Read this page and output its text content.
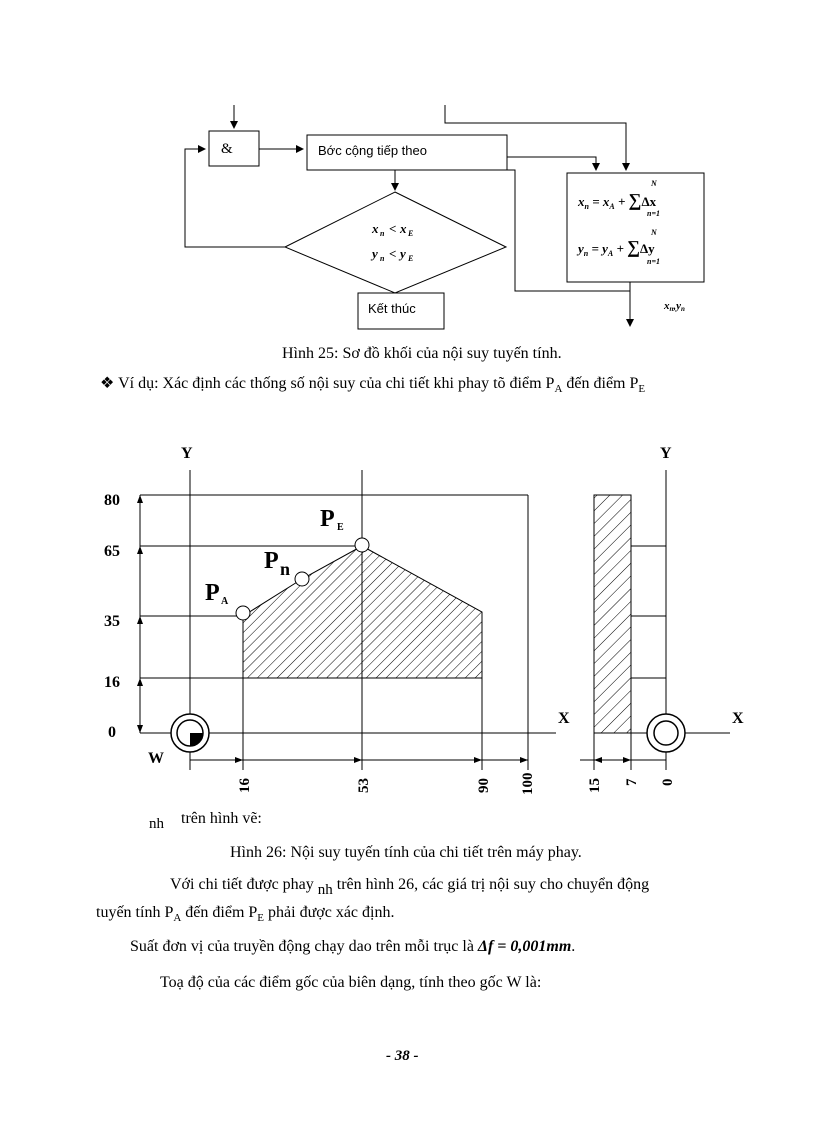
&	Bớc cộng tiếp theo
x n < x E
y n < y E
Kết thúc
$x_n = x_A + \sum\Delta x$
$y_n = y_A + \sum\Delta y$
N
n=1
N
n=1
xn,yn
Hình 25: Sơ đồ khối của nội suy tuyến tính.
❖ Ví dụ: Xác định các thống số nội suy của chi tiết khi phay tõ điểm $P_A$ đến điểm $P_E$
Y
X
Y
X
P A
P n
P E
80
65
35
16
0
16	53	90 100
W
15 7 0
nh trên hình vẽ:
Hình 26: Nội suy tuyến tính của chi tiết trên máy phay.
Với chi tiết được phay nh trên hình 26, các giá trị nội suy cho chuyển động
tuyến tính $P_A$ đến điểm $P_E$ phải được xác định.
Suất đơn vị của truyền động chạy dao trên mỗi trục là Δf = 0,001mm.
Toạ độ của các điểm gốc của biên dạng, tính theo gốc W là:
- 38 -
